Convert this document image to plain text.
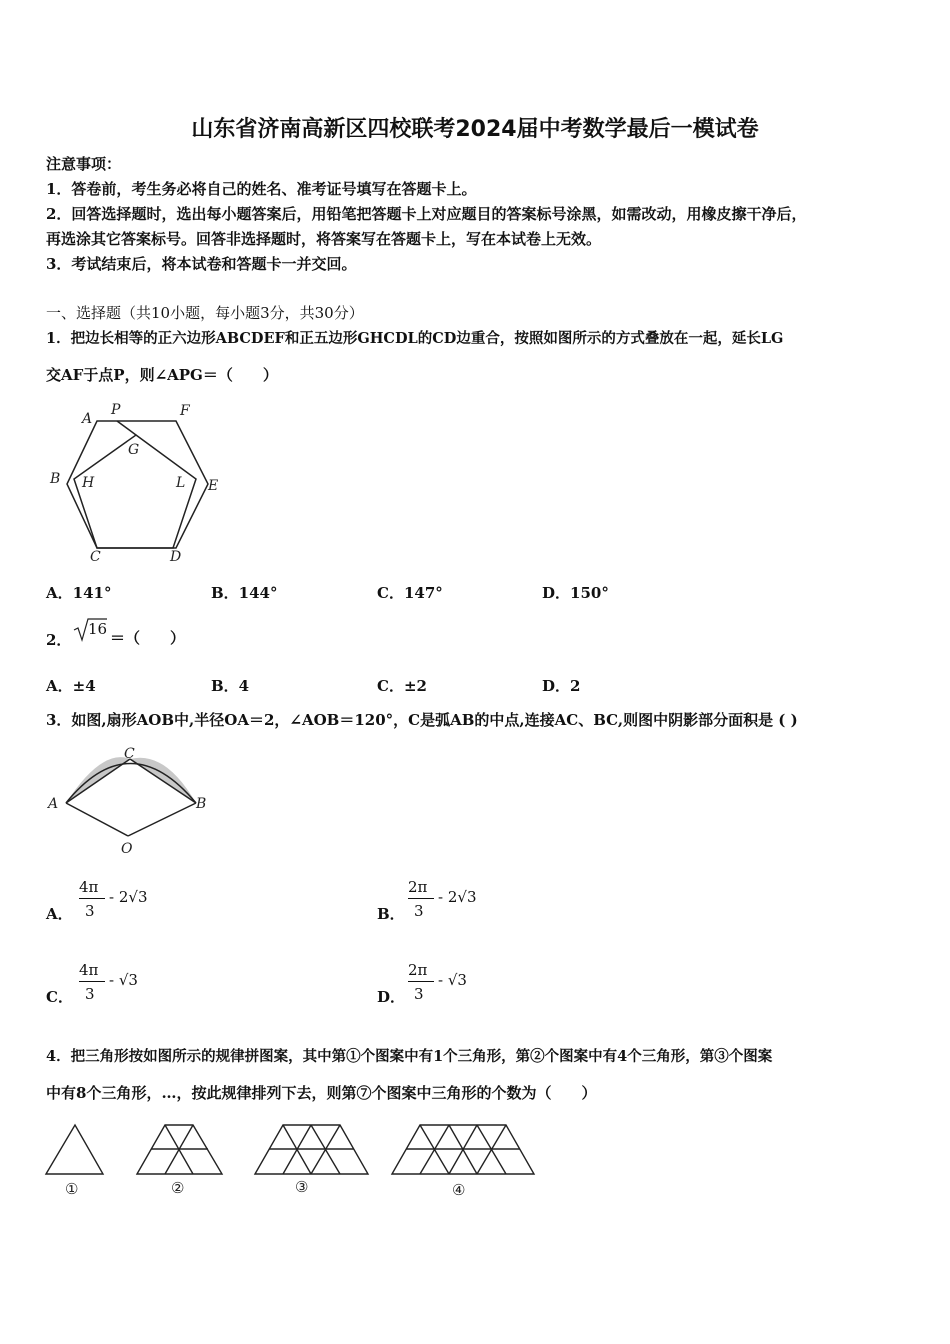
山东省济南高新区四校联考2024届中考数学最后一模试卷
注意事项：
1．答卷前，考生务必将自己的姓名、准考证号填写在答题卡上。
2．回答选择题时，选出每小题答案后，用铅笔把答题卡上对应题目的答案标号涂黑，如需改动，用橡皮擦干净后，
再选涂其它答案标号。回答非选择题时，将答案写在答题卡上，写在本试卷上无效。
3．考试结束后，将本试卷和答题卡一并交回。
一、选择题（共10小题，每小题3分，共30分）
1．把边长相等的正六边形ABCDEF和正五边形GHCDL的CD边重合，按照如图所示的方式叠放在一起，延长LG
交AF于点P，则∠APG＝（　　）
A
P	F
G
B H	L E
C	D
A．141°	B．144°	C．147°	D．150°
2．
16 ＝（　　）
A．±4	B．4	C．±2	D．2
3．如图,扇形AOB中,半径OA＝2，∠AOB＝120°，C是弧AB的中点,连接AC、BC,则图中阴影部分面积是 ( )
C
A	B
O
A．
4π
3
- 2√3
B．
2π
3
- 2√3
C．
4π
3
- √3
D．
2π
3
- √3
4．把三角形按如图所示的规律拼图案，其中第①个图案中有1个三角形，第②个图案中有4个三角形，第③个图案
中有8个三角形，…，按此规律排列下去，则第⑦个图案中三角形的个数为（　　）
①	②	③	④
